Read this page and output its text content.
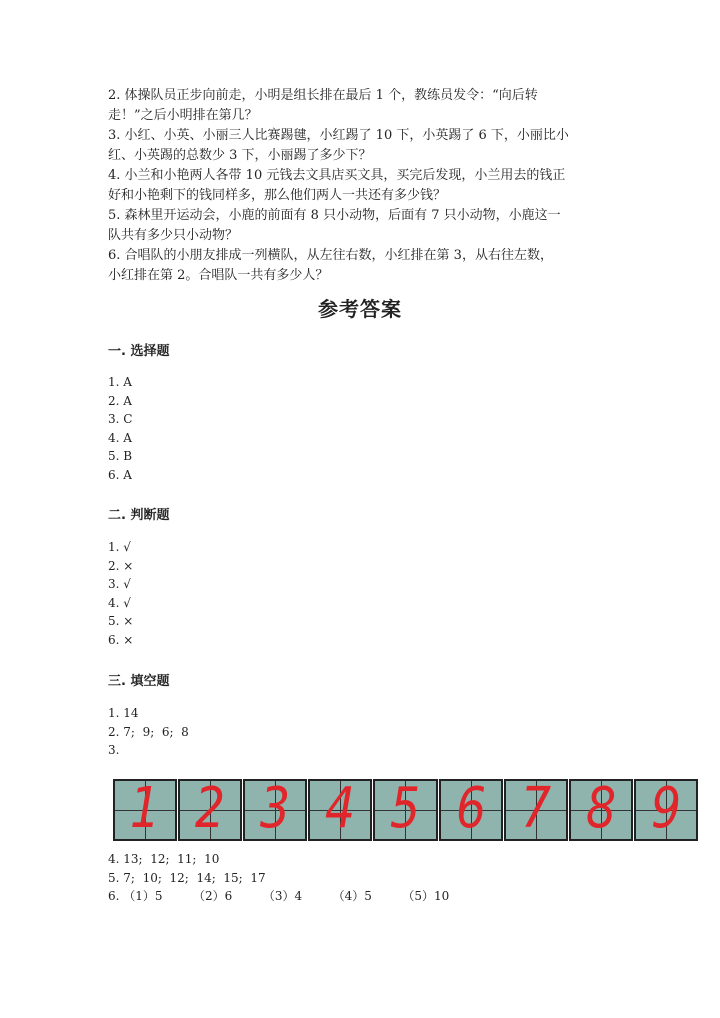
2. 体操队员正步向前走，小明是组长排在最后 1 个，教练员发令：“向后转
走！”之后小明排在第几？

3. 小红、小英、小丽三人比赛踢毽，小红踢了 10 下，小英踢了 6 下，小丽比小
红、小英踢的总数少 3 下，小丽踢了多少下？

4. 小兰和小艳两人各带 10 元钱去文具店买文具，买完后发现，小兰用去的钱正
好和小艳剩下的钱同样多，那么他们两人一共还有多少钱？

5. 森林里开运动会，小鹿的前面有 8 只小动物，后面有 7 只小动物，小鹿这一
队共有多少只小动物？

6. 合唱队的小朋友排成一列横队，从左往右数，小红排在第 3，从右往左数，
小红排在第 2。合唱队一共有多少人？

参考答案
一. 选择题
1. A
2. A
3. C
4. A
5. B
6. A
二. 判断题
1. √
2. ×
3. √
4. √
5. ×
6. ×
三. 填空题
1. 14
2. 7;  9;  6;  8
3.
1 2 3 4 5 6 7 8 9
4. 13;  12;  11;  10
5. 7;  10;  12;  14;  15;  17
6. （1）5        （2）6        （3）4        （4）5        （5）10
